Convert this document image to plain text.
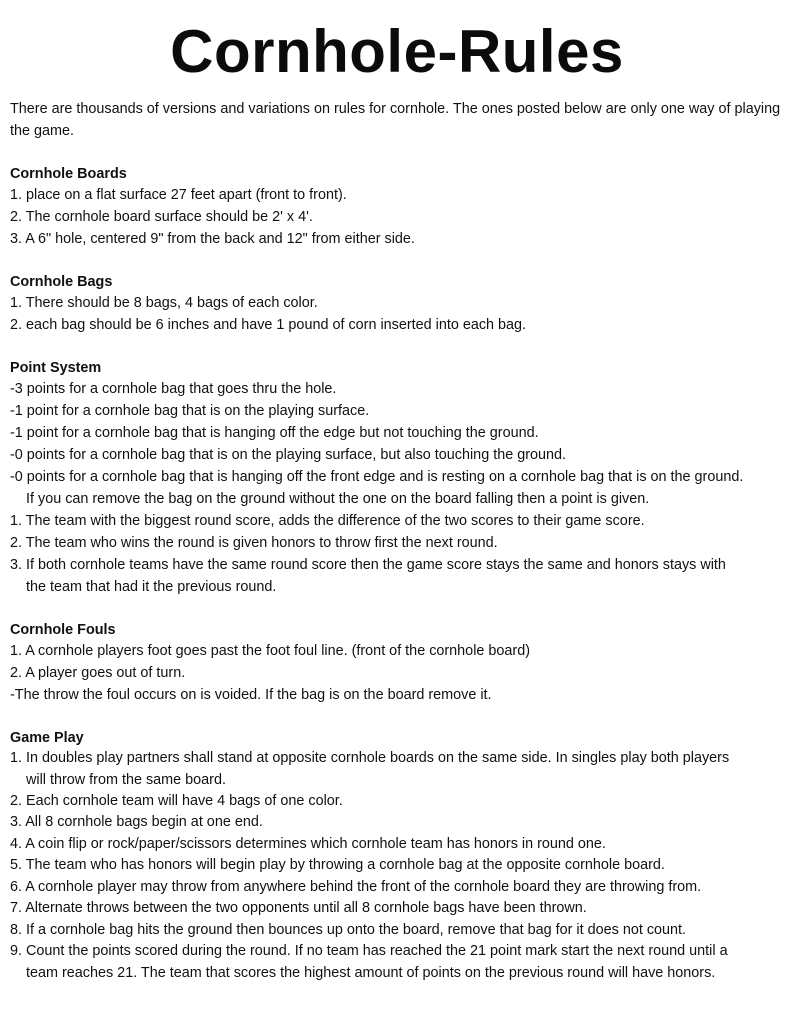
Cornhole-Rules

There are thousands of versions and variations on rules for cornhole. The ones posted below are only one way of playing the game.

Cornhole Boards

1. place on a flat surface 27 feet apart (front to front).

2. The cornhole board surface should be 2' x 4'.

3. A 6" hole, centered 9" from the back and 12" from either side.

Cornhole Bags

1. There should be 8 bags, 4 bags of each color.

2. each bag should be 6 inches and have 1 pound of corn inserted into each bag.

Point System

-3 points for a cornhole bag that goes thru the hole.

-1 point for a cornhole bag that is on the playing surface.

-1 point for a cornhole bag that is hanging off the edge but not touching the ground.

-0 points for a cornhole bag that is on the playing surface, but also touching the ground.

-0 points for a cornhole bag that is hanging off the front edge and is resting on a cornhole bag that is on the ground.

If you can remove the bag on the ground without the one on the board falling then a point is given.

1. The team with the biggest round score, adds the difference of the two scores to their game score.

2. The team who wins the round is given honors to throw first the next round.

3. If both cornhole teams have the same round score then the game score stays the same and honors stays with

the team that had it the previous round.

Cornhole Fouls

1. A cornhole players foot goes past the foot foul line. (front of the cornhole board)

2. A player goes out of turn.

-The throw the foul occurs on is voided. If the bag is on the board remove it.

Game Play

1. In doubles play partners shall stand at opposite cornhole boards on the same side. In singles play both players

will throw from the same board.

2. Each cornhole team will have 4 bags of one color.

3. All 8 cornhole bags begin at one end.

4. A coin flip or rock/paper/scissors determines which cornhole team has honors in round one.

5. The team who has honors will begin play by throwing a cornhole bag at the opposite cornhole board.

6. A cornhole player may throw from anywhere behind the front of the cornhole board they are throwing from.

7. Alternate throws between the two opponents until all 8 cornhole bags have been thrown.

8. If a cornhole bag hits the ground then bounces up onto the board, remove that bag for it does not count.

9. Count the points scored during the round. If no team has reached the 21 point mark start the next round until a

team reaches 21. The team that scores the highest amount of points on the previous round will have honors.
